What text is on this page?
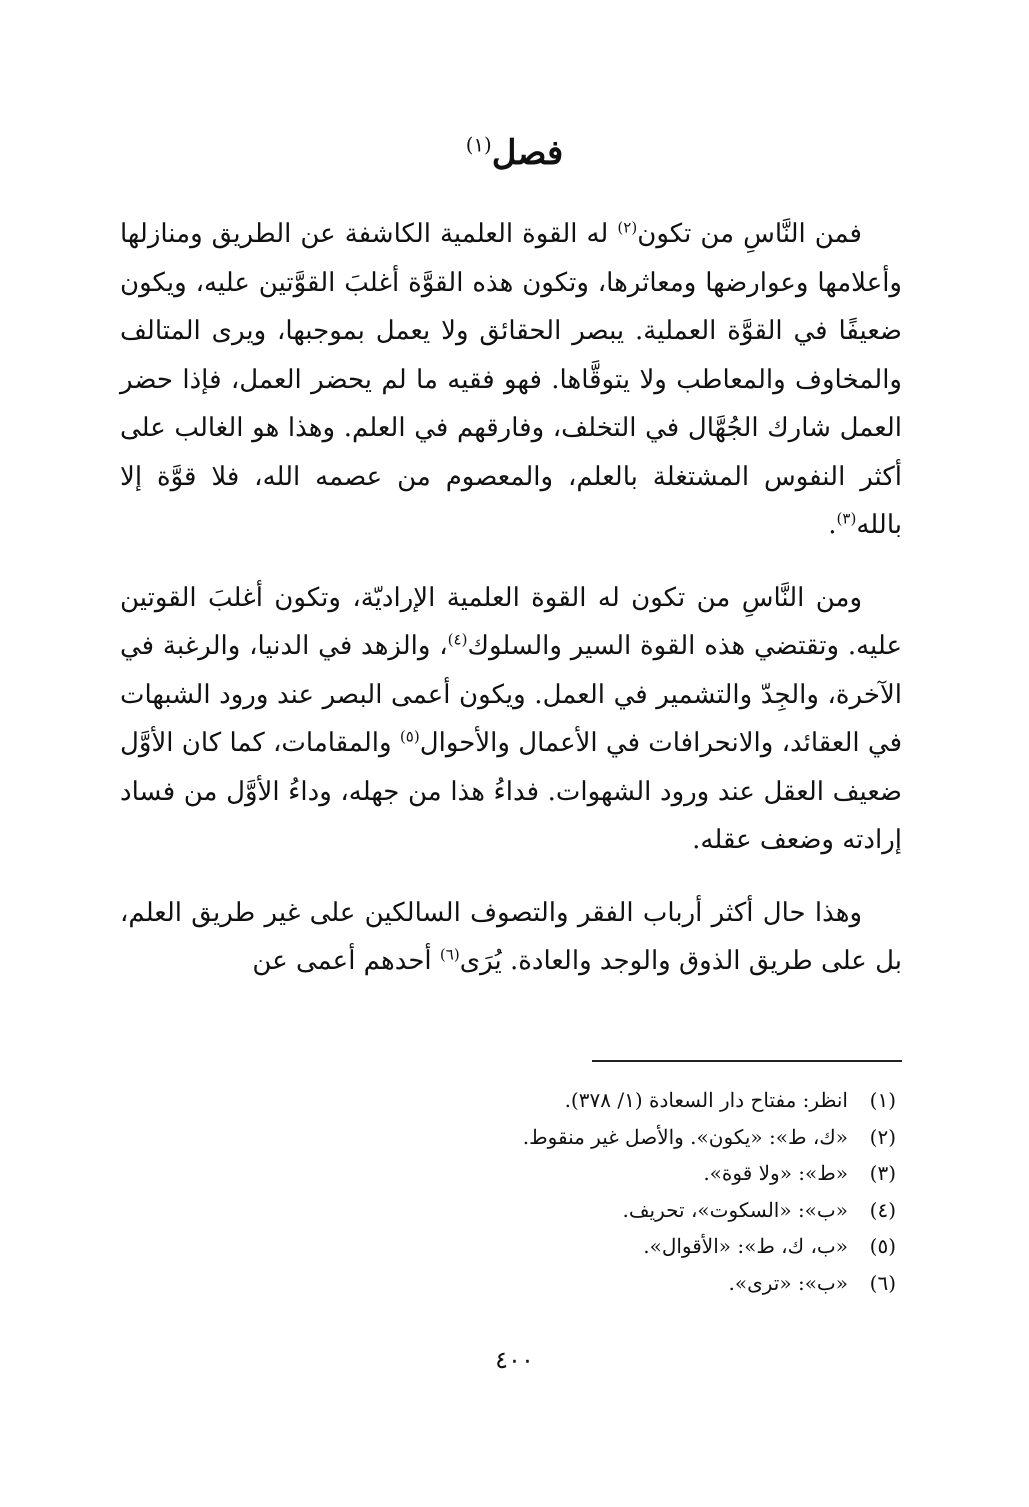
فصل$^{(١)}$

فمن النَّاسِ من تكون$^{(٢)}$ له القوة العلمية الكاشفة عن الطريق ومنازلها وأعلامها وعوارضها ومعاثرها، وتكون هذه القوَّة أغلبَ القوَّتين عليه، ويكون ضعيفًا في القوَّة العملية. يبصر الحقائق ولا يعمل بموجبها، ويرى المتالف والمخاوف والمعاطب ولا يتوقَّاها. فهو فقيه ما لم يحضر العمل، فإذا حضر العمل شارك الجُهَّال في التخلف، وفارقهم في العلم. وهذا هو الغالب على أكثر النفوس المشتغلة بالعلم، والمعصوم من عصمه الله، فلا قوَّة إلا بالله$^{(٣)}$.

ومن النَّاسِ من تكون له القوة العلمية الإراديّة، وتكون أغلبَ القوتين عليه. وتقتضي هذه القوة السير والسلوك$^{(٤)}$، والزهد في الدنيا، والرغبة في الآخرة، والجِدّ والتشمير في العمل. ويكون أعمى البصر عند ورود الشبهات في العقائد، والانحرافات في الأعمال والأحوال$^{(٥)}$ والمقامات، كما كان الأوَّل ضعيف العقل عند ورود الشهوات. فداءُ هذا من جهله، وداءُ الأوَّل من فساد إرادته وضعف عقله.

وهذا حال أكثر أرباب الفقر والتصوف السالكين على غير طريق العلم، بل على طريق الذوق والوجد والعادة. يُرَى$^{(٦)}$ أحدهم أعمى عن

(١)
انظر: مفتاح دار السعادة (١/ ٣٧٨).
(٢)
«ك، ط»: «يكون». والأصل غير منقوط.
(٣)
«ط»: «ولا قوة».
(٤)
«ب»: «السكوت»، تحريف.
(٥)
«ب، ك، ط»: «الأقوال».
(٦)
«ب»: «ترى».
٤٠٠
